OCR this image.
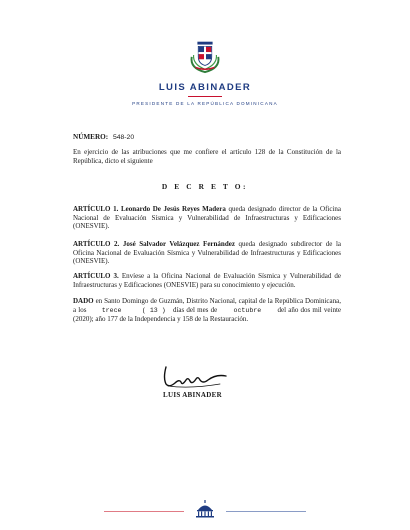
LUIS ABINADER
PRESIDENTE DE LA REPÚBLICA DOMINICANA
NÚMERO: 548-20
En ejercicio de las atribuciones que me confiere el artículo 128 de la Constitución de la República, dicto el siguiente
D E C R E T O:
ARTÍCULO 1. Leonardo De Jesús Reyes Madera queda designado director de la Oficina Nacional de Evaluación Sísmica y Vulnerabilidad de Infraestructuras y Edificaciones (ONESVIE).
ARTÍCULO 2. José Salvador Velázquez Fernández queda designado subdirector de la Oficina Nacional de Evaluación Sísmica y Vulnerabilidad de Infraestructuras y Edificaciones (ONESVIE).
ARTÍCULO 3. Envíese a la Oficina Nacional de Evaluación Sísmica y Vulnerabilidad de Infraestructuras y Edificaciones (ONESVIE) para su conocimiento y ejecución.
DADO en Santo Domingo de Guzmán, Distrito Nacional, capital de la República Dominicana, a los trece	( 13 ) días del mes de octubre del año dos mil veinte (2020); año 177 de la Independencia y 158 de la Restauración.
LUIS ABINADER
